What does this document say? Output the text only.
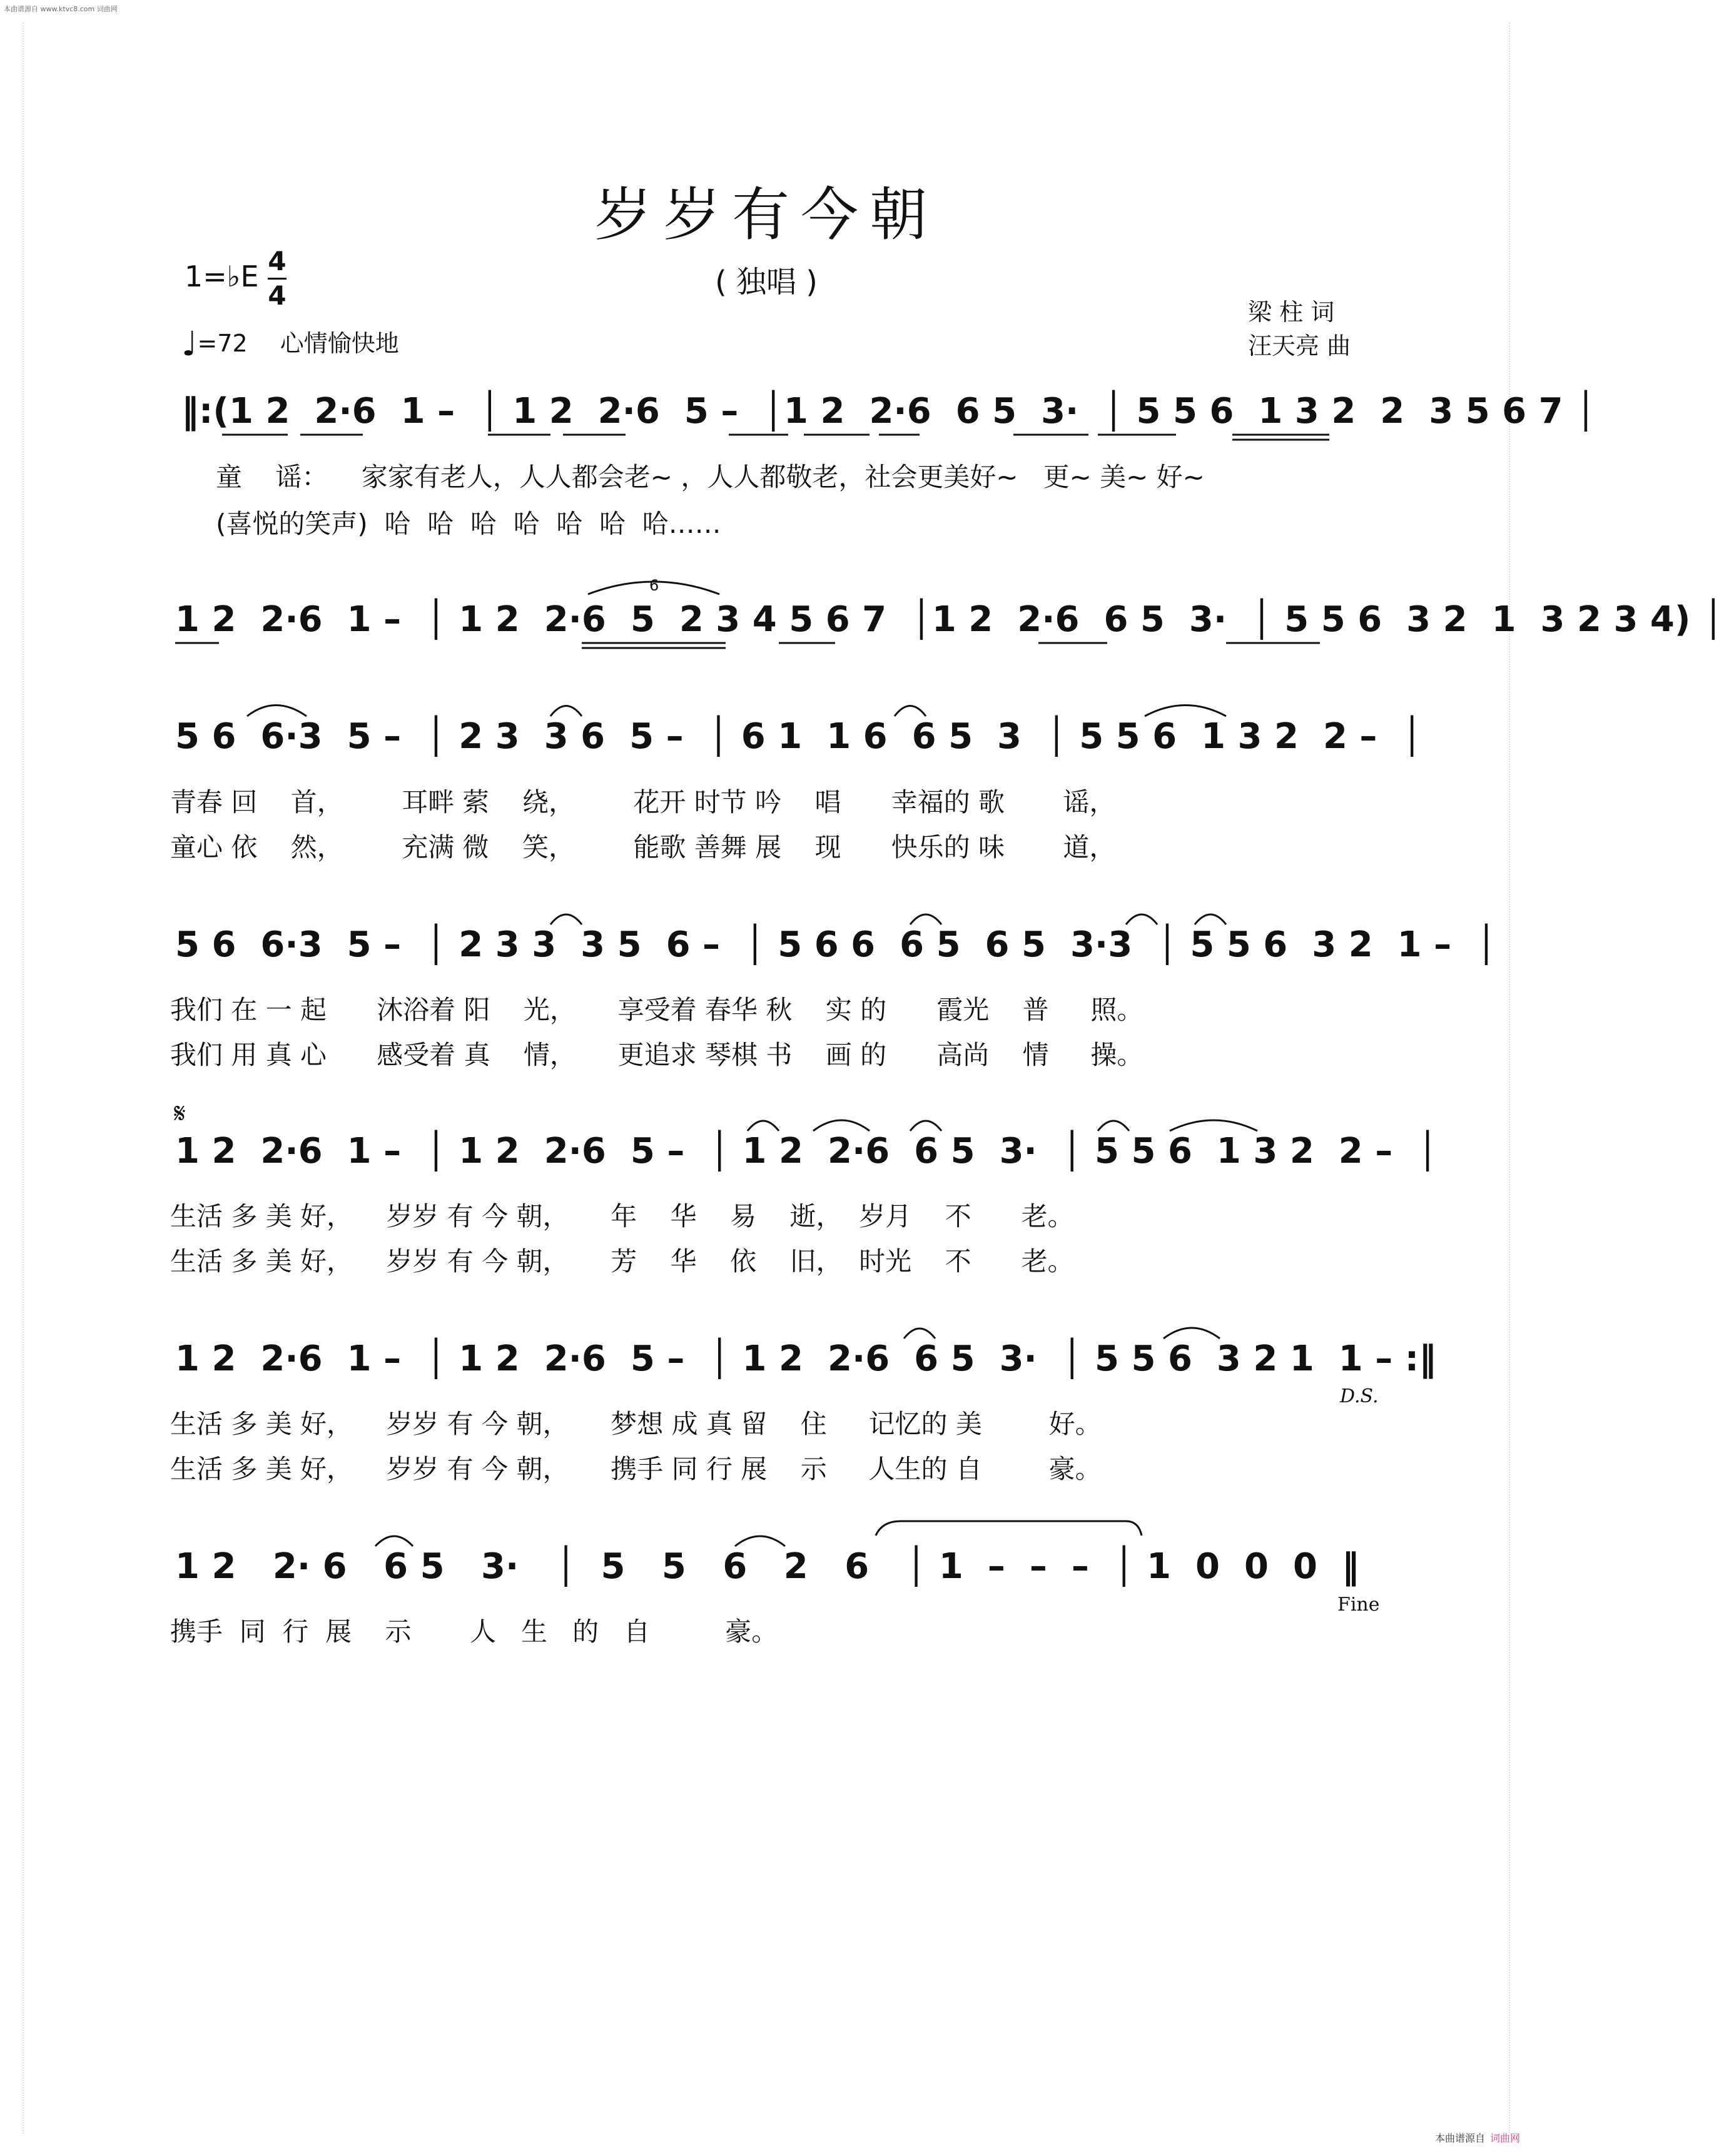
本曲谱源自 www.ktvc8.com 词曲网
本曲谱源自 词曲网
岁岁有今朝
( 独唱 )
1=♭E 4
4
♩=72 心情愉快地
梁 柱 词
汪天亮 曲
‖:(1 2  2·6  1 –  │ 1 2  2·6  5 –  │1 2  2·6  6 5  3·  │ 5 5 6  1 3 2  2  3 5 6 7 │
童    谣：    家家有老人，人人都会老~ ，人人都敬老，社会更美好~   更~ 美~ 好~
(喜悦的笑声)  哈  哈  哈  哈  哈  哈  哈……
6
1 2  2·6  1 –  │ 1 2  2·6  5  2 3 4 5 6 7  │1 2  2·6  6 5  3·  │ 5 5 6  3 2  1  3 2 3 4) │
5 6  6·3  5 –  │ 2 3  3 6  5 –  │ 6 1  1 6  6 5  3  │ 5 5 6  1 3 2  2 –  │
青春 回    首，       耳畔 萦    绕，       花开 时节 吟    唱      幸福的 歌       谣，
童心 依    然，       充满 微    笑，       能歌 善舞 展    现      快乐的 味       道，
5 6  6·3  5 –  │ 2 3 3  3 5  6 –  │ 5 6 6  6 5  6 5  3·3  │ 5 5 6  3 2  1 –  │
我们 在 一 起      沐浴着 阳    光，     享受着 春华 秋    实 的      霞光    普     照。
我们 用 真 心      感受着 真    情，     更追求 琴棋 书    画 的      高尚    情     操。
𝄋
1 2  2·6  1 –  │ 1 2  2·6  5 –  │ 1 2  2·6  6 5  3·  │ 5 5 6  1 3 2  2 –  │
生活 多 美 好，    岁岁 有 今 朝，     年    华    易    逝，  岁月    不      老。
生活 多 美 好，    岁岁 有 今 朝，     芳    华    依    旧，  时光    不      老。
1 2  2·6  1 –  │ 1 2  2·6  5 –  │ 1 2  2·6  6 5  3·  │ 5 5 6  3 2 1  1 – :‖
D.S.
生活 多 美 好，    岁岁 有 今 朝，     梦想 成 真 留    住     记忆的 美        好。
生活 多 美 好，    岁岁 有 今 朝，     携手 同 行 展    示     人生的 自        豪。
1 2   2· 6   6 5   3·   │  5   5   6   2   6   │ 1  –  –  –  │ 1  0  0  0  ‖
Fine
携手  同  行  展    示       人   生   的   自         豪。
